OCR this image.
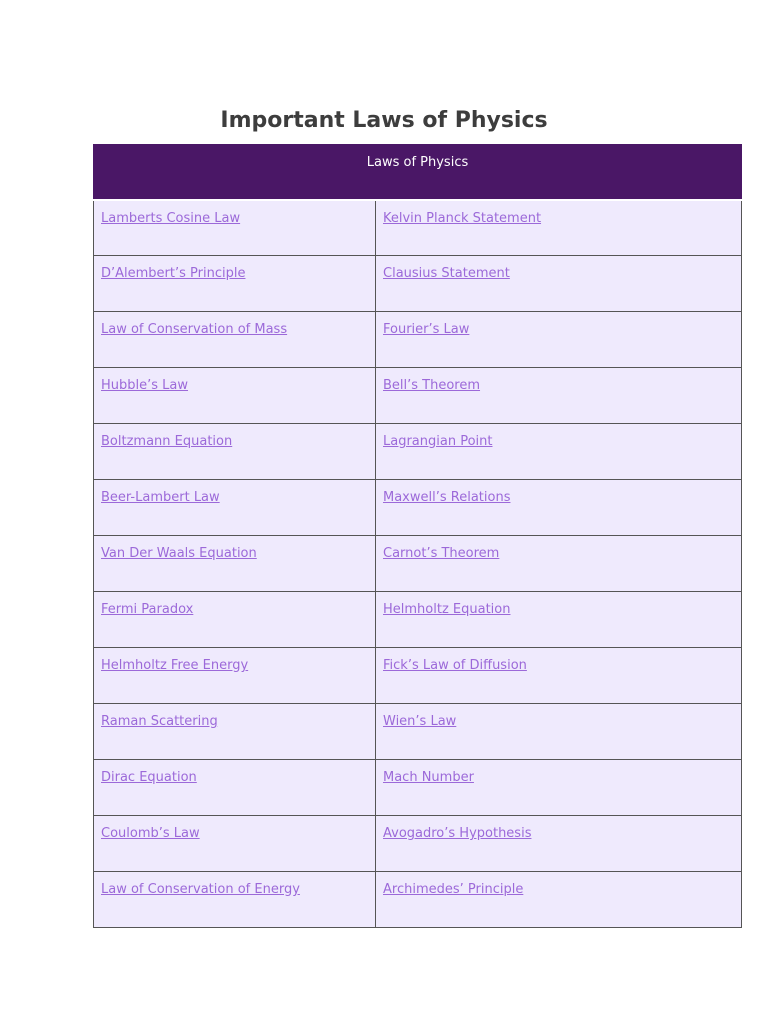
Important Laws of Physics
Laws of Physics	

Lamberts Cosine Law	Kelvin Planck Statement
D’Alembert’s Principle	Clausius Statement
Law of Conservation of Mass	Fourier’s Law
Hubble’s Law	Bell’s Theorem
Boltzmann Equation	Lagrangian Point
Beer-Lambert Law	Maxwell’s Relations
Van Der Waals Equation	Carnot’s Theorem
Fermi Paradox	Helmholtz Equation
Helmholtz Free Energy	Fick’s Law of Diffusion
Raman Scattering	Wien’s Law
Dirac Equation	Mach Number
Coulomb’s Law	Avogadro’s Hypothesis
Law of Conservation of Energy	Archimedes’ Principle
